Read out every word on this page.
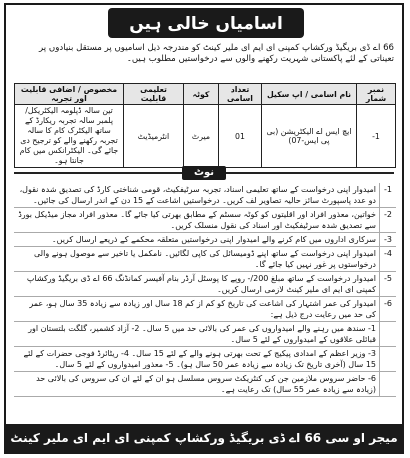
اسامیاں خالی ہیں
66 اے ڈی بریگیڈ ورکشاپ کمپنی ای ایم ای ملیر کینٹ کو مندرجہ ذیل اسامیوں پر مستقل بنیادوں پر تعیناتی کے لئے پاکستانی شہریت رکھنے والوں سے درخواستیں مطلوب ہیں۔
نمبر شمار	نام اسامی / اپ سکیل	تعداد اسامی	کوٹہ	تعلیمی قابلیت	مخصوص / اضافی قابلیت اور تجربہ
1-	ایچ ایس اے الیکٹریشن (بی پی ایس-07)	01	میرٹ	انٹرمیڈیٹ	تین سالہ ڈپلومہ الیکٹریکل/ پلمبر سالہ تجربہ ریکارڈ کے ساتھ الیکٹرک کام کا سالہ تجربہ رکھنے والے کو ترجیح دی جائے گی۔ الیکٹرانکس میں کام جانتا ہو۔
نوٹ
1-
امیدوار اپنی درخواست کے ساتھ تعلیمی اسناد، تجربہ سرٹیفکیٹ، قومی شناختی کارڈ کی تصدیق شدہ نقول، دو عدد پاسپورٹ سائز حالیہ تصاویر لف کریں۔ درخواستیں اشاعت کے 15 دن کے اندر ارسال کی جائیں۔
2-
خواتین، معذور افراد اور اقلیتوں کو کوٹہ سسٹم کے مطابق بھرتی کیا جائے گا۔ معذور افراد مجاز میڈیکل بورڈ سے تصدیق شدہ سرٹیفکیٹ اور اسناد کی نقول منسلک کریں۔
3-
سرکاری اداروں میں کام کرنے والے امیدوار اپنی درخواستیں متعلقہ محکمے کے ذریعے ارسال کریں۔
4-
امیدوار اپنی درخواست کے ساتھ اپنے ڈومیسائل کی کاپی لگائیں۔ نامکمل یا تاخیر سے موصول ہونے والی درخواستوں پر غور نہیں کیا جائے گا۔
5-
امیدوار درخواست کے ساتھ مبلغ 200/- روپے کا پوسٹل آرڈر بنام آفیسر کمانڈنگ 66 اے ڈی بریگیڈ ورکشاپ کمپنی ای ایم ای ملیر کینٹ لازمی ارسال کریں۔
6-
امیدوار کی عمر اشتہار کی اشاعت کی تاریخ کو کم از کم 18 سال اور زیادہ سے زیادہ 35 سال ہو، عمر کی حد میں رعایت درج ذیل ہے:
1- سندھ میں رہنے والے امیدواروں کی عمر کی بالائی حد میں 5 سال۔ 2- آزاد کشمیر، گلگت بلتستان اور قبائلی علاقوں کے امیدواروں کے لئے 5 سال۔
3- وزیر اعظم کے امدادی پیکیج کے تحت بھرتی ہونے والے کے لئے 15 سال۔ 4- ریٹائرڈ فوجی حضرات کے لئے 15 سال (آخری تاریخ تک زیادہ سے زیادہ عمر 50 سال ہو)۔ 5- معذور امیدواروں کے لئے 5 سال۔
6- حاضر سروس ملازمین جن کی کنٹریکٹ سروس مسلسل ہو ان کے لئے ان کی سروس کی بالائی حد (زیادہ سے زیادہ عمر 55 سال) تک رعایت ہے۔
میجر او سی 66 اے ڈی بریگیڈ ورکشاپ کمپنی ای ایم ای ملیر کینٹ
